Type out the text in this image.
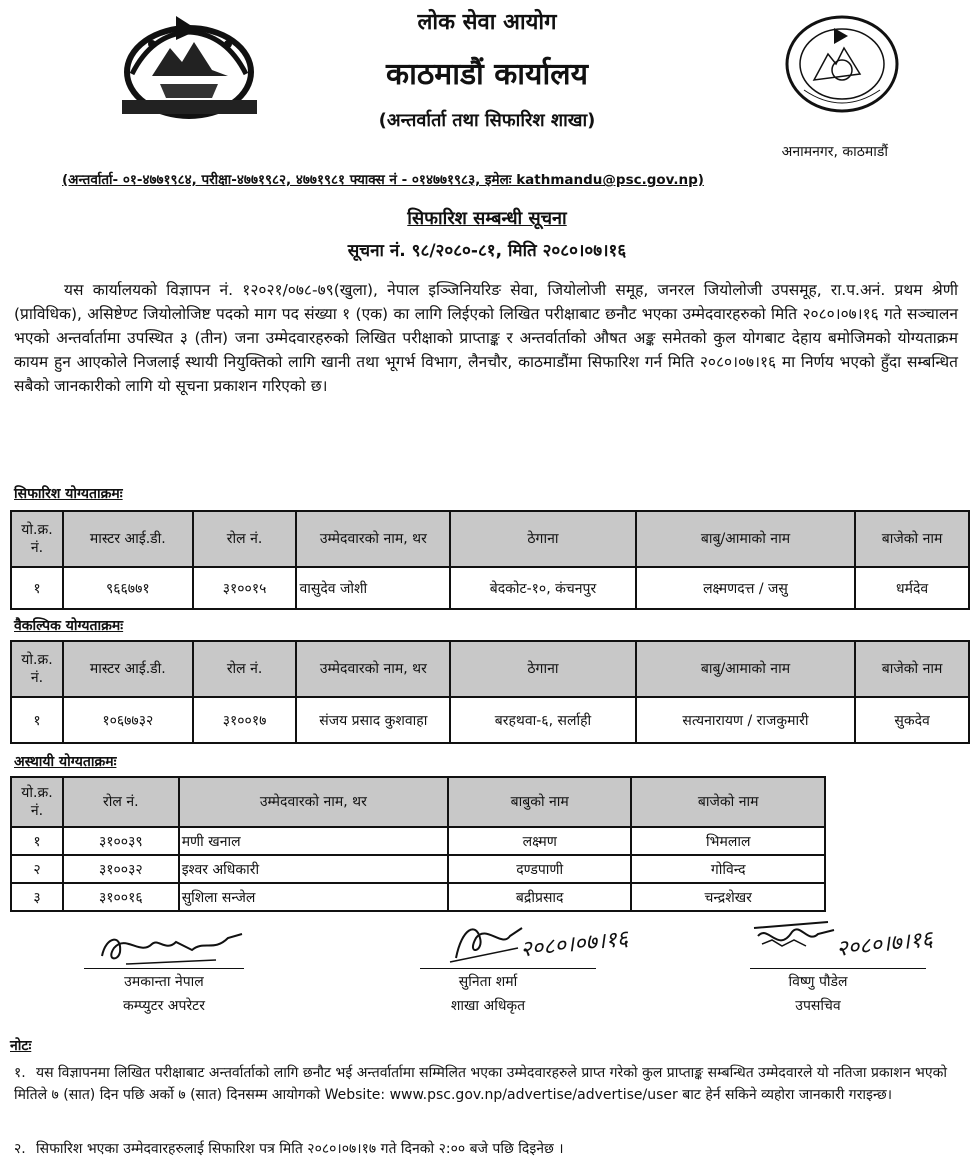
लोक सेवा आयोग
काठमाडौं कार्यालय
(अन्तर्वार्ता तथा सिफारिश शाखा)
अनामनगर, काठमाडौं
(अन्तर्वार्ता- ०१-४७७१९८४, परीक्षा-४७७१९८२, ४७७१९८१ फ्याक्स नं - ०१४७७१९८३, इमेलः kathmandu@psc.gov.np)
सिफारिश सम्बन्धी सूचना
सूचना नं. ९८/२०८०-८१, मिति २०८०।०७।१६
यस कार्यालयको विज्ञापन नं. १२०२१/०७८-७९(खुला), नेपाल इञ्जिनियरिङ सेवा, जियोलोजी समूह, जनरल जियोलोजी उपसमूह, रा.प.अनं. प्रथम श्रेणी (प्राविधिक), असिष्टेण्ट जियोलोजिष्ट पदको माग पद संख्या १ (एक) का लागि लिईएको लिखित परीक्षाबाट छनौट भएका उम्मेदवारहरुको मिति २०८०।०७।१६ गते सञ्चालन भएको अन्तर्वार्तामा उपस्थित ३ (तीन) जना उम्मेदवारहरुको लिखित परीक्षाको प्राप्ताङ्क र अन्तर्वार्ताको औषत अङ्क समेतको कुल योगबाट देहाय बमोजिमको योग्यताक्रम कायम हुन आएकोले निजलाई स्थायी नियुक्तिको लागि खानी तथा भूगर्भ विभाग, लैनचौर, काठमाडौंमा सिफारिश गर्न मिति २०८०।०७।१६ मा निर्णय भएको हुँदा सम्बन्धित सबैको जानकारीको लागि यो सूचना प्रकाशन गरिएको छ।
सिफारिश योग्यताक्रमः
यो.क्र. नं.	मास्टर आई.डी.	रोल नं.	उम्मेदवारको नाम, थर	ठेगाना	बाबु/आमाको नाम	बाजेको नाम
१	९६६७७१	३१००१५	वासुदेव जोशी	बेदकोट-१०, कंचनपुर	लक्ष्मणदत्त / जसु	धर्मदेव
वैकल्पिक योग्यताक्रमः
यो.क्र. नं.	मास्टर आई.डी.	रोल नं.	उम्मेदवारको नाम, थर	ठेगाना	बाबु/आमाको नाम	बाजेको नाम
१	१०६७७३२	३१००१७	संजय प्रसाद कुशवाहा	बरहथवा-६, सर्लाही	सत्यनारायण / राजकुमारी	सुकदेव
अस्थायी योग्यताक्रमः
यो.क्र. नं.	रोल नं.	उम्मेदवारको नाम, थर	बाबुको नाम	बाजेको नाम
१	३१००३९	मणी खनाल	लक्ष्मण	भिमलाल
२	३१००३२	इश्वर अधिकारी	दण्डपाणी	गोविन्द
३	३१००१६	सुशिला सन्जेल	बद्रीप्रसाद	चन्द्रशेखर
उमकान्ता नेपाल
कम्प्युटर अपरेटर
२०८०।०७।१६
सुनिता शर्मा
शाखा अधिकृत
२०८०।७।१६
विष्णु पौडेल
उपसचिव
नोटः
१. यस विज्ञापनमा लिखित परीक्षाबाट अन्तर्वार्ताको लागि छनौट भई अन्तर्वार्तामा सम्मिलित भएका उम्मेदवारहरुले प्राप्त गरेको कुल प्राप्ताङ्क सम्बन्धित उम्मेदवारले यो नतिजा प्रकाशन भएको मितिले ७ (सात) दिन पछि अर्को ७ (सात) दिनसम्म आयोगको Website: www.psc.gov.np/advertise/advertise/user बाट हेर्न सकिने व्यहोरा जानकारी गराइन्छ।
२. सिफारिश भएका उम्मेदवारहरुलाई सिफारिश पत्र मिति २०८०।०७।१७ गते दिनको २:०० बजे पछि दिइनेछ ।
